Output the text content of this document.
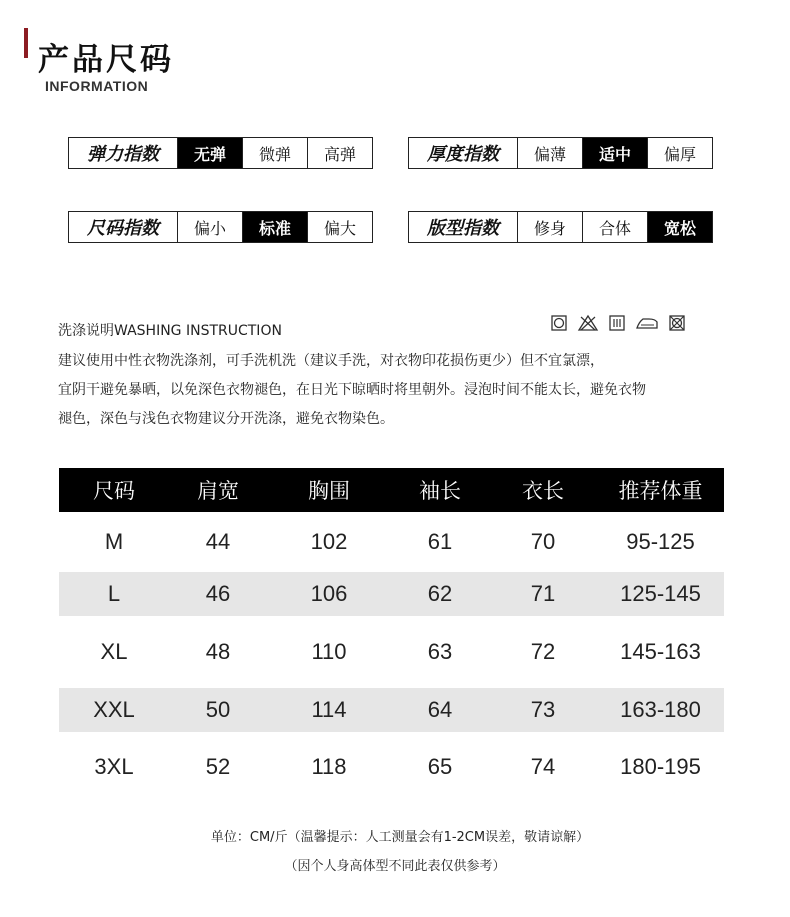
产品尺码
INFORMATION
弹力指数	无弹	微弹	高弹	厚度指数	偏薄	适中	偏厚
尺码指数	偏小	标准	偏大	版型指数	修身	合体	宽松
洗涤说明WASHING INSTRUCTION
建议使用中性衣物洗涤剂，可手洗机洗（建议手洗，对衣物印花损伤更少）但不宜氯漂，
宜阴干避免暴晒，以免深色衣物褪色，在日光下晾晒时将里朝外。浸泡时间不能太长，避免衣物
褪色，深色与浅色衣物建议分开洗涤，避免衣物染色。
尺码	肩宽	胸围	袖长	衣长	推荐体重
M	44	102	61	70	95-125
L	46	106	62	71	125-145
XL	48	110	63	72	145-163
XXL	50	114	64	73	163-180
3XL	52	118	65	74	180-195
单位：CM/斤（温馨提示：人工测量会有1-2CM误差，敬请谅解）
（因个人身高体型不同此表仅供参考）
